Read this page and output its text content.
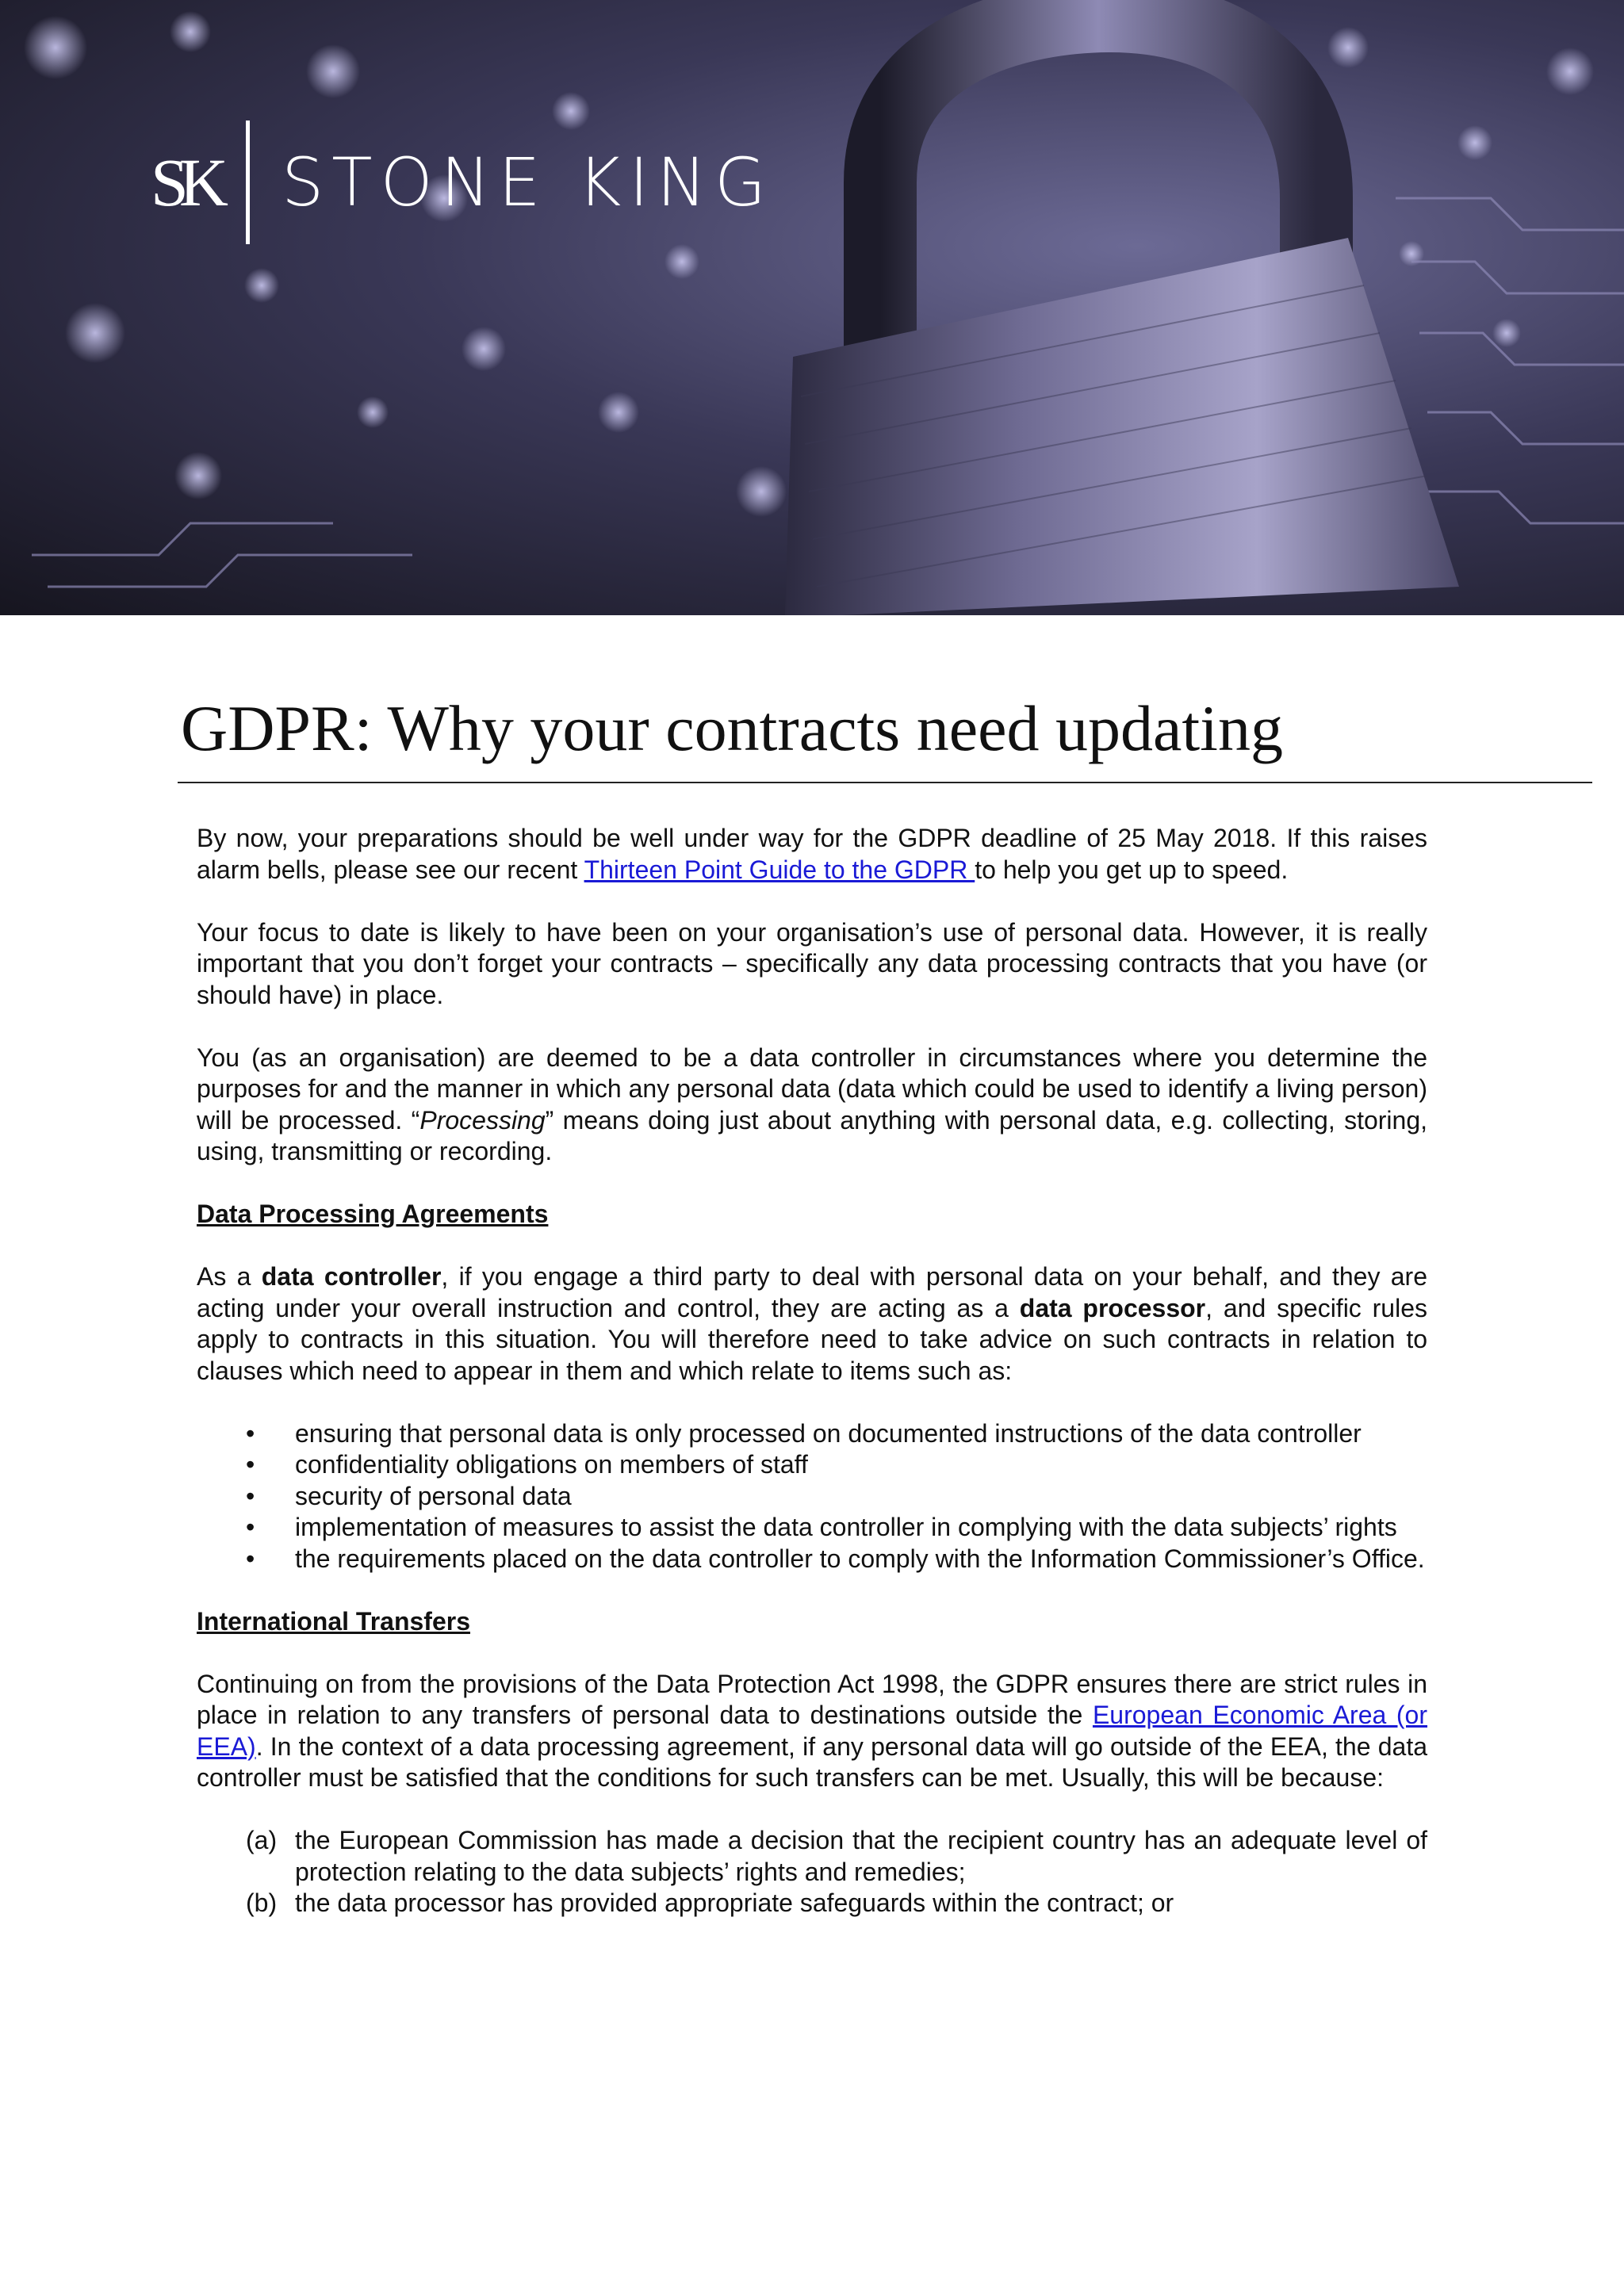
SK STONE KING
GDPR: Why your contracts need updating

By now, your preparations should be well under way for the GDPR deadline of 25 May 2018. If this raises alarm bells, please see our recent Thirteen Point Guide to the GDPR to help you get up to speed.

Your focus to date is likely to have been on your organisation’s use of personal data. However, it is really important that you don’t forget your contracts – specifically any data processing contracts that you have (or should have) in place.

You (as an organisation) are deemed to be a data controller in circumstances where you determine the purposes for and the manner in which any personal data (data which could be used to identify a living person) will be processed. “Processing” means doing just about anything with personal data, e.g. collecting, storing, using, transmitting or recording.

Data Processing Agreements

As a data controller, if you engage a third party to deal with personal data on your behalf, and they are acting under your overall instruction and control, they are acting as a data processor, and specific rules apply to contracts in this situation. You will therefore need to take advice on such contracts in relation to clauses which need to appear in them and which relate to items such as:

• ensuring that personal data is only processed on documented instructions of the data controller
• confidentiality obligations on members of staff
• security of personal data
• implementation of measures to assist the data controller in complying with the data subjects’ rights
• the requirements placed on the data controller to comply with the Information Commissioner’s Office.
International Transfers

Continuing on from the provisions of the Data Protection Act 1998, the GDPR ensures there are strict rules in place in relation to any transfers of personal data to destinations outside the European Economic Area (or EEA). In the context of a data processing agreement, if any personal data will go outside of the EEA, the data controller must be satisfied that the conditions for such transfers can be met. Usually, this will be because:

(a) the European Commission has made a decision that the recipient country has an adequate level of protection relating to the data subjects’ rights and remedies;
(b) the data processor has provided appropriate safeguards within the contract; or
